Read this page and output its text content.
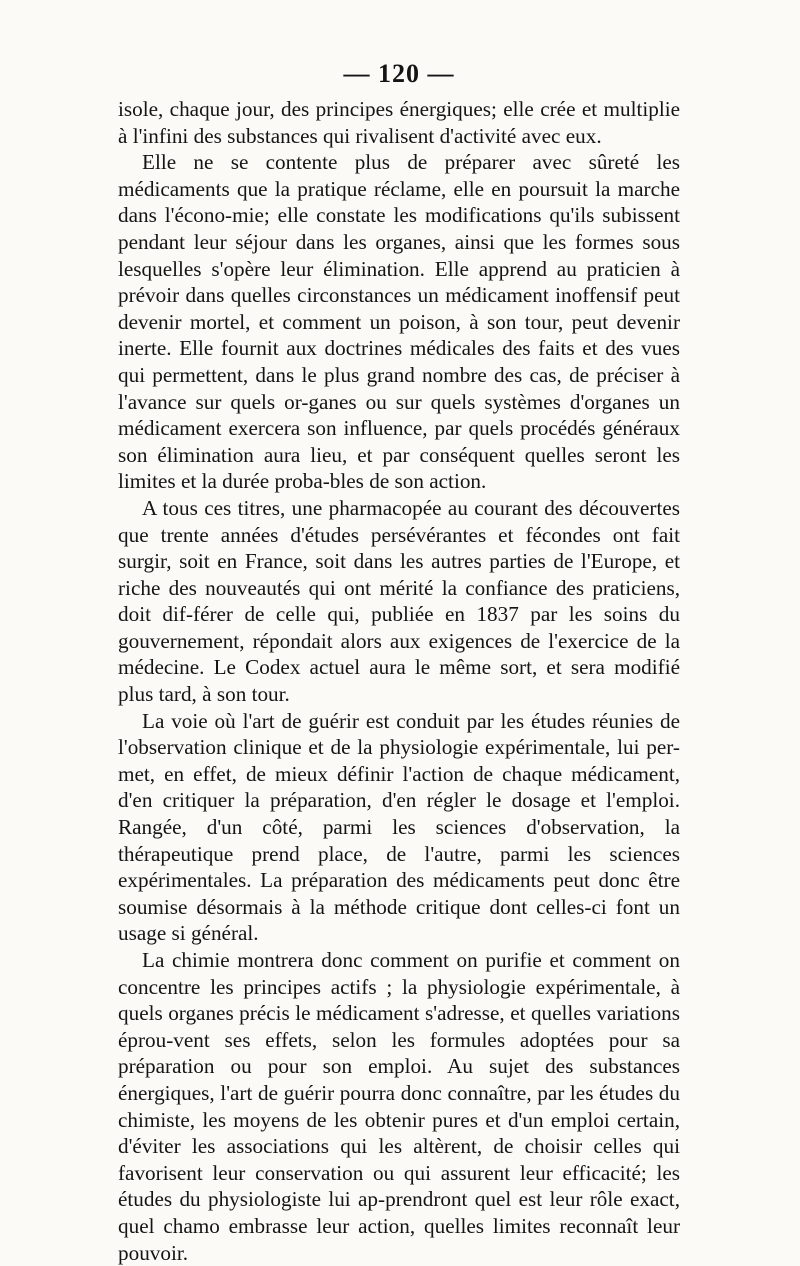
— 120 —

isole, chaque jour, des principes énergiques; elle crée et multiplie à l'infini des substances qui rivalisent d'activité avec eux.

Elle ne se contente plus de préparer avec sûreté les médicaments que la pratique réclame, elle en poursuit la marche dans l'écono-mie; elle constate les modifications qu'ils subissent pendant leur séjour dans les organes, ainsi que les formes sous lesquelles s'opère leur élimination. Elle apprend au praticien à prévoir dans quelles circonstances un médicament inoffensif peut devenir mortel, et comment un poison, à son tour, peut devenir inerte. Elle fournit aux doctrines médicales des faits et des vues qui permettent, dans le plus grand nombre des cas, de préciser à l'avance sur quels or-ganes ou sur quels systèmes d'organes un médicament exercera son influence, par quels procédés généraux son élimination aura lieu, et par conséquent quelles seront les limites et la durée proba-bles de son action.

A tous ces titres, une pharmacopée au courant des découvertes que trente années d'études persévérantes et fécondes ont fait surgir, soit en France, soit dans les autres parties de l'Europe, et riche des nouveautés qui ont mérité la confiance des praticiens, doit dif-férer de celle qui, publiée en 1837 par les soins du gouvernement, répondait alors aux exigences de l'exercice de la médecine. Le Codex actuel aura le même sort, et sera modifié plus tard, à son tour.

La voie où l'art de guérir est conduit par les études réunies de l'observation clinique et de la physiologie expérimentale, lui per-met, en effet, de mieux définir l'action de chaque médicament, d'en critiquer la préparation, d'en régler le dosage et l'emploi. Rangée, d'un côté, parmi les sciences d'observation, la thérapeutique prend place, de l'autre, parmi les sciences expérimentales. La préparation des médicaments peut donc être soumise désormais à la méthode critique dont celles-ci font un usage si général.

La chimie montrera donc comment on purifie et comment on concentre les principes actifs ; la physiologie expérimentale, à quels organes précis le médicament s'adresse, et quelles variations éprou-vent ses effets, selon les formules adoptées pour sa préparation ou pour son emploi. Au sujet des substances énergiques, l'art de guérir pourra donc connaître, par les études du chimiste, les moyens de les obtenir pures et d'un emploi certain, d'éviter les associations qui les altèrent, de choisir celles qui favorisent leur conservation ou qui assurent leur efficacité; les études du physiologiste lui ap-prendront quel est leur rôle exact, quel chamo embrasse leur action, quelles limites reconnaît leur pouvoir.
